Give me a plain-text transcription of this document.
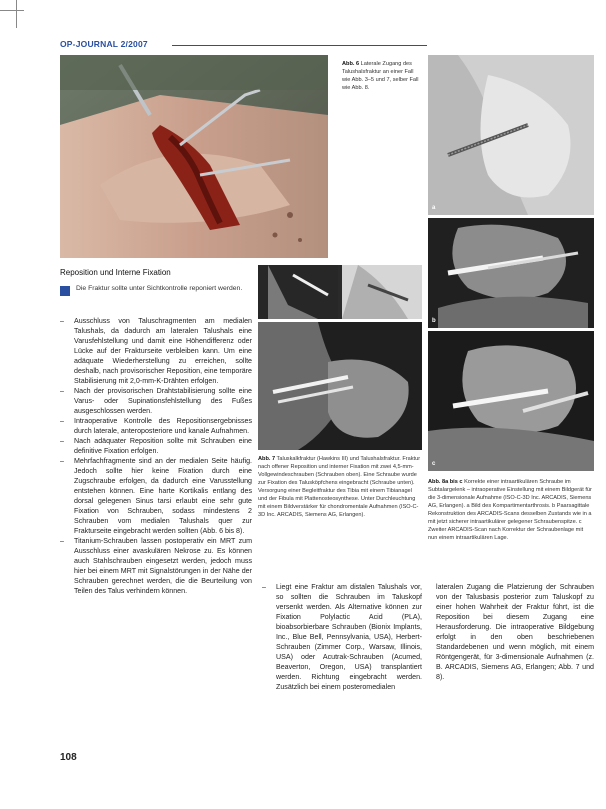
OP-JOURNAL 2/2007
Abb. 6 Laterale Zugang des Talushalsfraktur an einer Fall wie Abb. 3–5 und 7, selber Fall wie Abb. 8.
a
b
c
Abb. 8a bis c Korrekte einer intraartikulären Schraube im Subtalargelenk – intraoperative Einstellung mit einem Bildgerät für die 3-dimensionale Aufnahme (ISO-C-3D Inc. ARCADIS, Siemens AG, Erlangen). a Bild des Kompartimentarthrosis. b Paarsagittale Rekonstruktion des ARCADIS-Scans desselben Zustands wie in a mit jetzt sicherer intraartikulärer gelegener Schraubenspitze. c Zweiter ARCADIS-Scan nach Korrektur der Schraubenlage mit nun einem intraartikulären Lage.
Abb. 7 Taluskalkfraktur (Hawkins III) und Talushalsfraktur. Fraktur nach offener Reposition und interner Fixation mit zwei 4,5-mm-Vollgewindeschrauben (Schrauben oben). Eine Schraube wurde zur Fixation des Talusköpfchens eingebracht (Schraube unten). Versorgung einer Begleitfraktur des Tibia mit einem Tibianagel und der Fibula mit Plattenosteosynthese. Unter Durchleuchtung mit einem Bildverstärker für chondromentale Aufnahmen (ISO-C-3D Inc. ARCADIS, Siemens AG, Erlangen).
Reposition und Interne Fixation
Die Fraktur sollte unter Sichtkontrolle reponiert werden.
– Ausschluss von Taluschragmenten am medialen Talushals, da dadurch am lateralen Talushals eine Varusfehlstellung und damit eine Höhendifferenz oder Lücke auf der Frakturseite verbleiben kann. Um eine adäquate Wiederherstellung zu erreichen, sollte deshalb, nach provisorischer Reposition, eine temporäre Stabilisierung mit 2,0-mm-K-Drähten erfolgen.
– Nach der provisorischen Drahtstabilisierung sollte eine Varus- oder Supinationsfehlstellung des Fußes ausgeschlossen werden.
– Intraoperative Kontrolle des Repositionsergebnisses durch laterale, anteroposteriore und kanale Aufnahmen.
– Nach adäquater Reposition sollte mit Schrauben eine definitive Fixation erfolgen.
– Mehrfachfragmente sind an der medialen Seite häufig. Jedoch sollte hier keine Fixation durch eine Zugschraube erfolgen, da dadurch eine Varusstellung entstehen können. Eine harte Kortikalis entlang des dorsal gelegenen Sinus tarsi erlaubt eine sehr gute Fixation von Schrauben, sodass mindestens 2 Schrauben vom medialen Talushals quer zur Frakturseite eingebracht werden sollten (Abb. 6 bis 8).
– Titanium-Schrauben lassen postoperativ ein MRT zum Ausschluss einer avaskulären Nekrose zu. Es können auch Stahlschrauben eingesetzt werden, jedoch muss hier bei einem MRT mit Signalstörungen in der Nähe der Schrauben gerechnet werden, die die Beurteilung von Teilen des Talus verhindern können.
–	Liegt eine Fraktur am distalen Talushals vor, so sollten die Schrauben im Taluskopf versenkt werden. Als Alternative können zur Fixation Polylactic Acid (PLA), bioabsorbierbare Schrauben (Bionix Implants, Inc., Blue Bell, Pennsylvania, USA), Herbert-Schrauben (Zimmer Corp., Warsaw, Illinois, USA) oder Acutrak-Schrauben (Acumed, Beaverton, Oregon, USA) transplantiert werden. Richtung eingebracht werden. Zusätzlich bei einem posteromedialen
lateralen Zugang die Platzierung der Schrauben von der Talusbasis posterior zum Taluskopf zu einer hohen Wahrheit der Fraktur führt, ist die Reposition bei diesem Zugang eine Herausforderung. Die intraoperative Bildgebung erfolgt in den oben beschriebenen Standardebenen und wenn möglich, mit einem Röntgengerät, für 3-dimensionale Aufnahmen (z. B. ARCADIS, Siemens AG, Erlangen; Abb. 7 und 8).
108
